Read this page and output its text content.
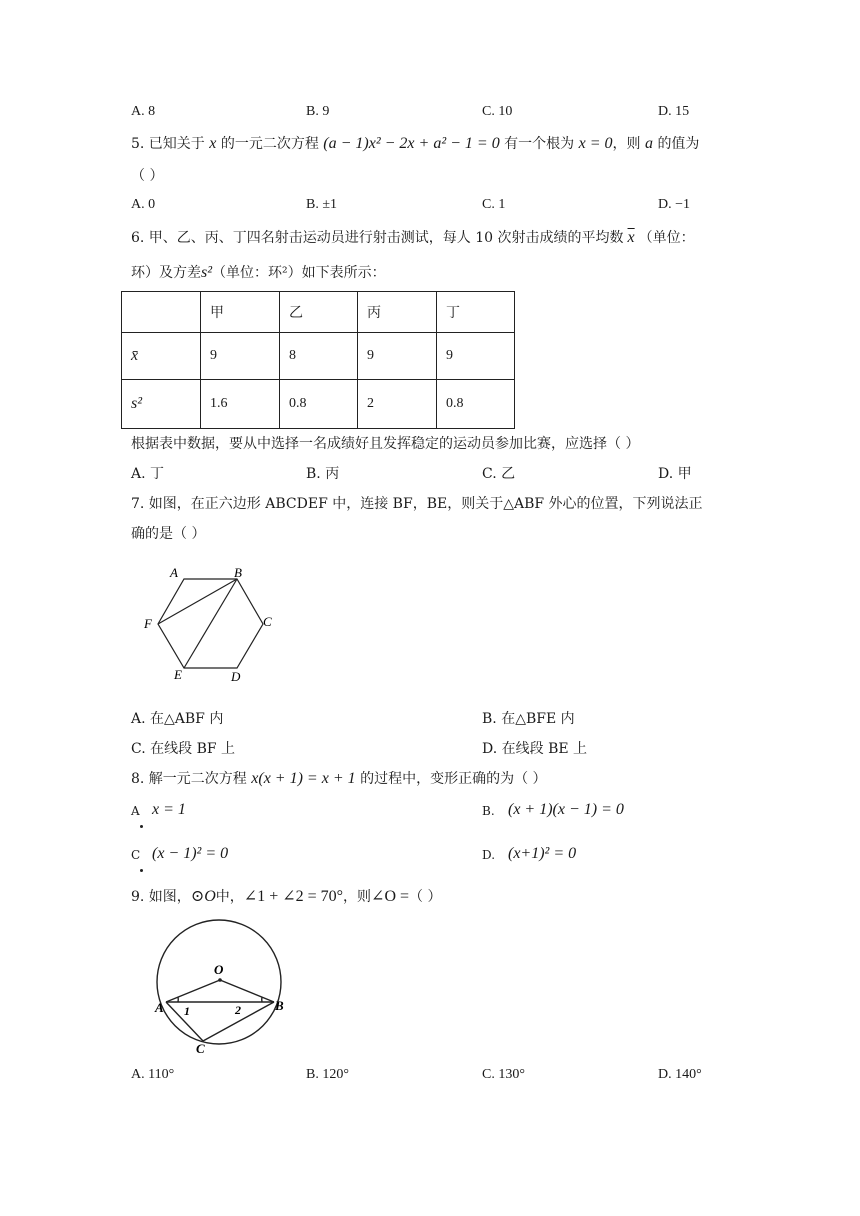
A. 8	B. 9	C. 10	D. 15
5. 已知关于 x 的一元二次方程 (a − 1)x² − 2x + a² − 1 = 0 有一个根为 x = 0，则 a 的值为
（ ）
A. 0	B. ±1	C. 1	D. −1
6. 甲、乙、丙、丁四名射击运动员进行射击测试，每人 10 次射击成绩的平均数 $\overline{x}$ （单位：
环）及方差s²（单位：环²）如下表所示：
	甲	乙	丙	丁
x̄	9	8	9	9
s²	1.6	0.8	2	0.8
根据表中数据，要从中选择一名成绩好且发挥稳定的运动员参加比赛，应选择（ ）
A. 丁	B. 丙	C. 乙	D. 甲
7. 如图，在正六边形 ABCDEF 中，连接 BF，BE，则关于△ABF 外心的位置，下列说法正
确的是（ ）
A	B
C
D
E
F
A. 在△ABF 内	B. 在△BFE 内
C. 在线段 BF 上	D. 在线段 BE 上
8. 解一元二次方程 x(x + 1) = x + 1 的过程中，变形正确的为（ ）
A x = 1	B. (x + 1)(x − 1) = 0
C (x − 1)² = 0	D. (x+1)² = 0
9. 如图，⊙O中，∠1 + ∠2 = 70°，则∠O =（ ）
O
A	B
C
1	2
A. 110°	B. 120°	C. 130°	D. 140°
